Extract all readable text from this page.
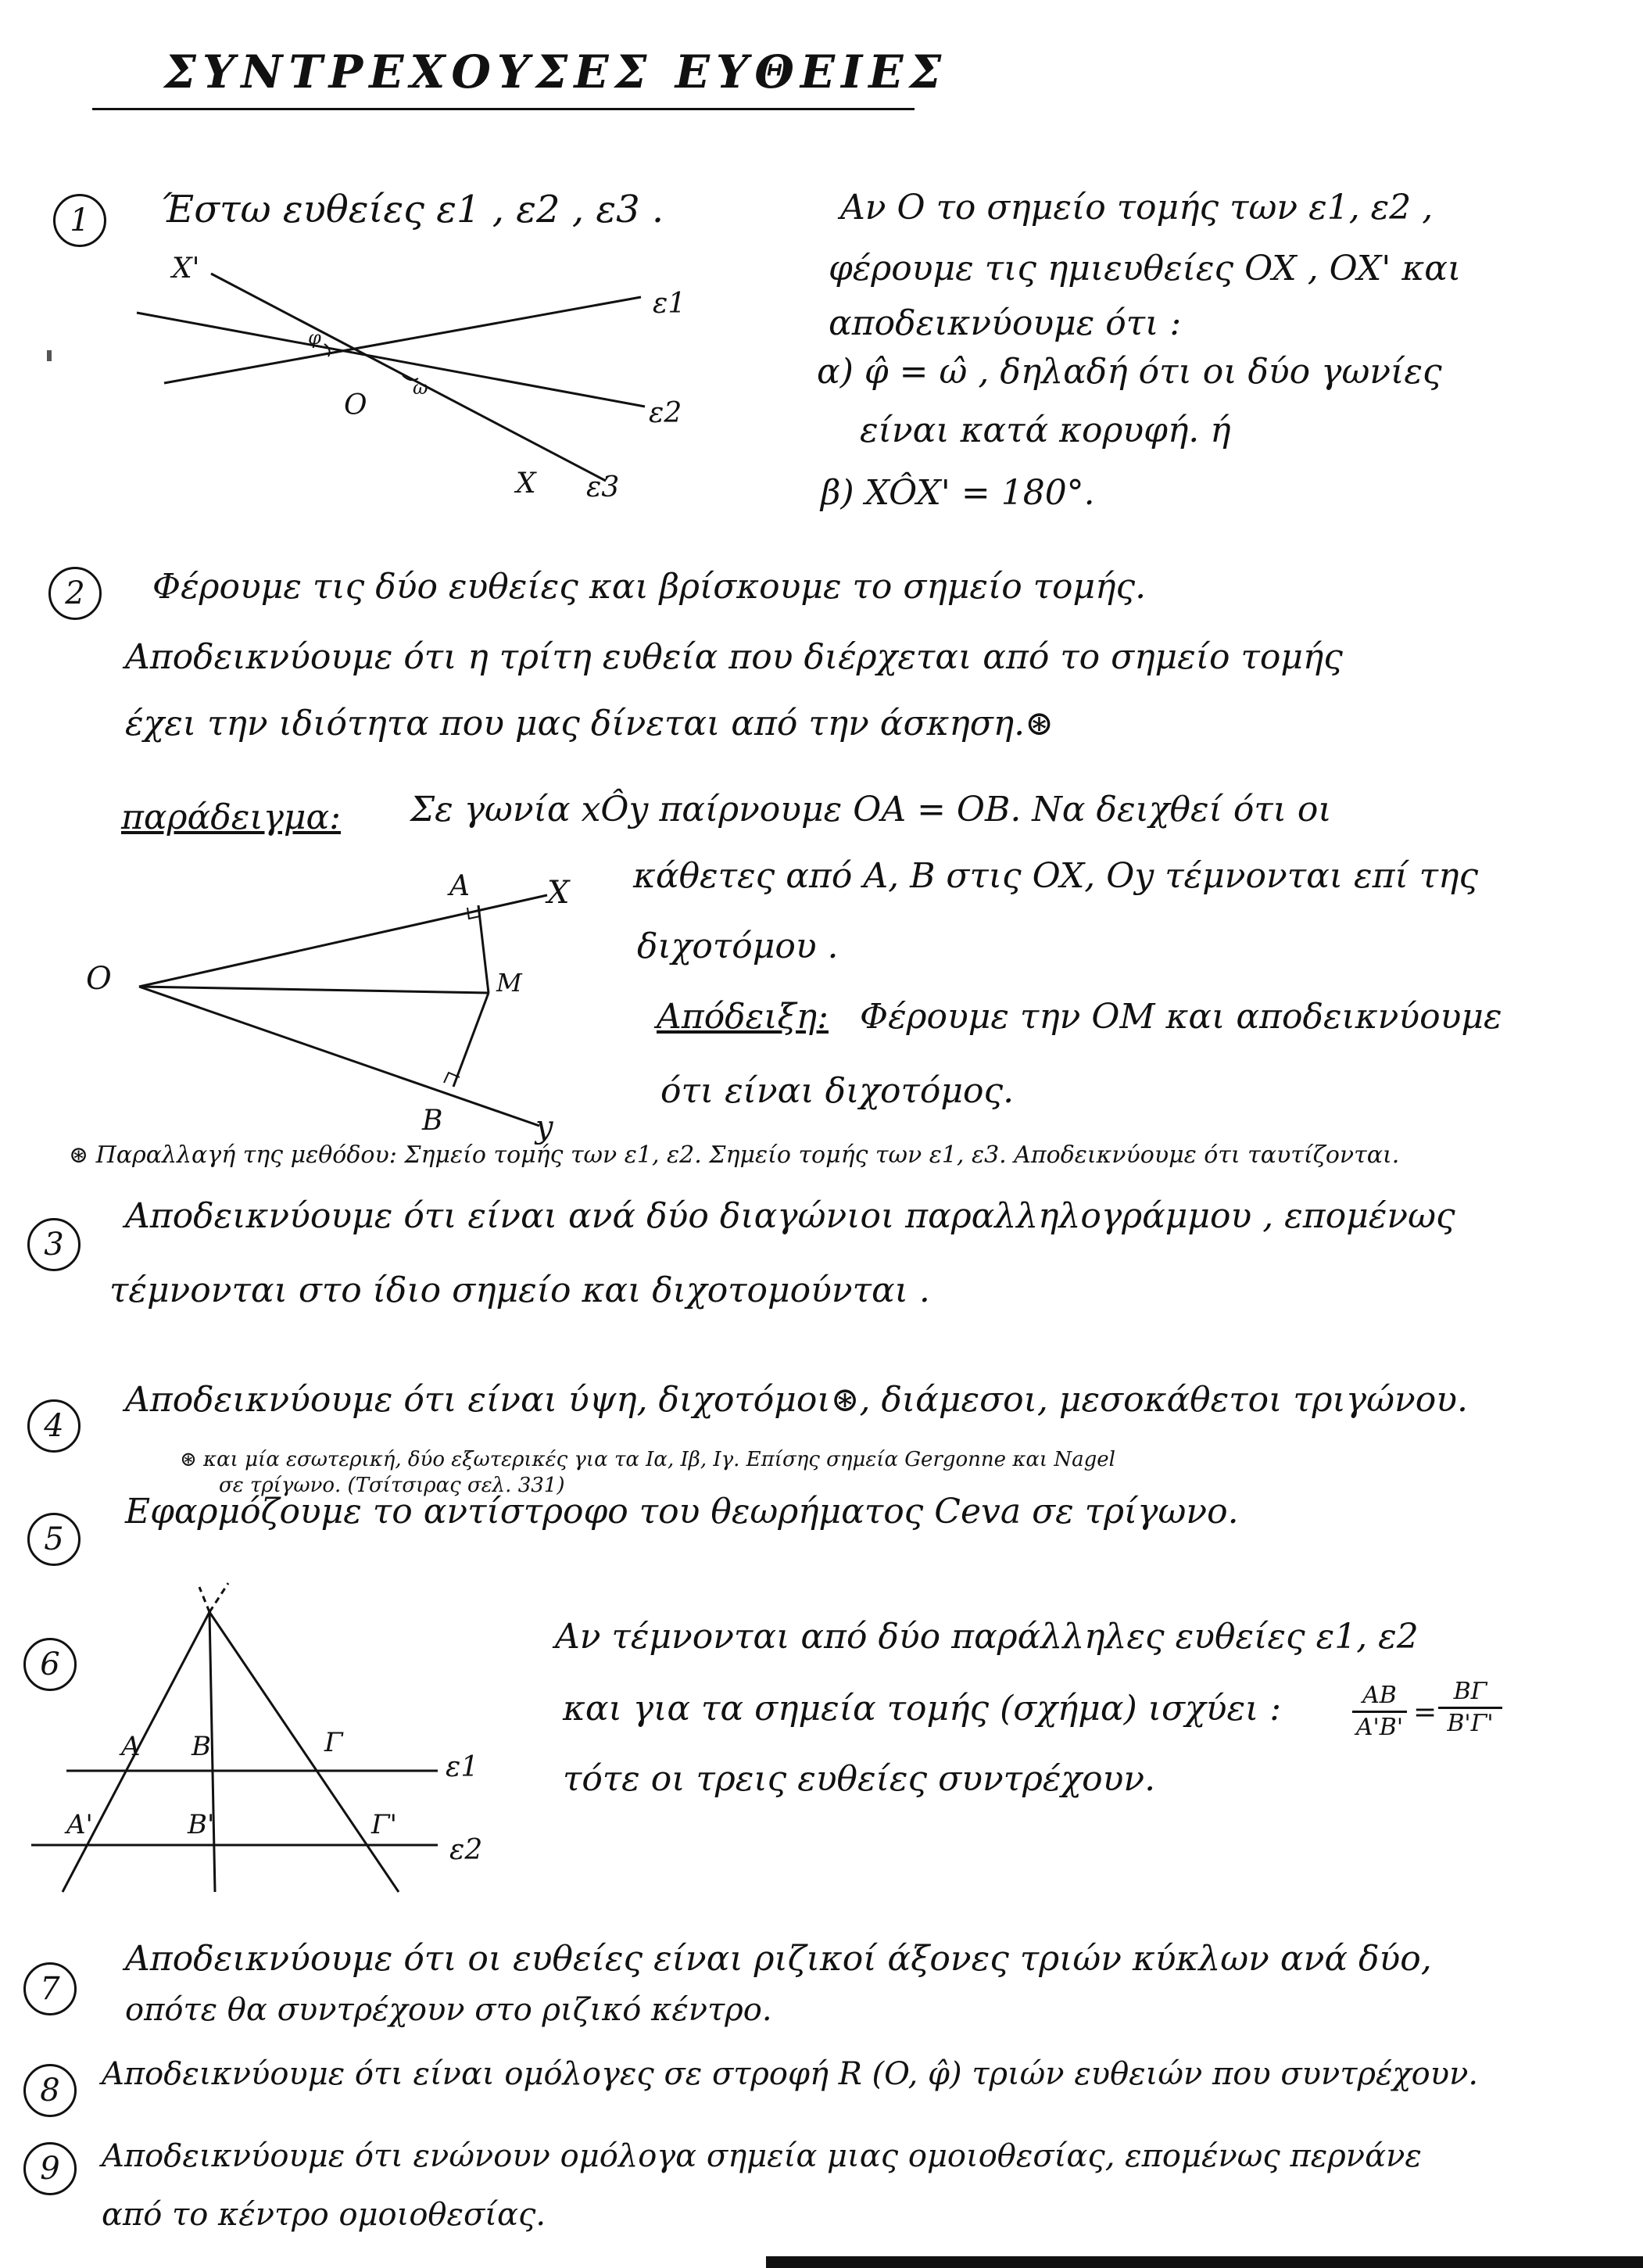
ΣΥΝΤΡΕΧΟΥΣΕΣ ΕΥΘΕΙΕΣ
1	Έστω ευθείες ε1 , ε2 , ε3 .

X'
ε1
φ
ω
O	ε2
X ε3

Αν O το σημείο τομής των ε1, ε2 ,

φέρουμε τις ημιευθείες OX , OX' και

αποδεικνύουμε ότι :

α) φ̂ = ω̂ , δηλαδή ότι οι δύο γωνίες

είναι κατά κορυφή. ή

β) XÔX' = 180°.

2	Φέρουμε τις δύο ευθείες και βρίσκουμε το σημείο τομής.

Αποδεικνύουμε ότι η τρίτη ευθεία που διέρχεται από το σημείο τομής

έχει την ιδιότητα που μας δίνεται από την άσκηση.⊛

παράδειγμα: Σε γωνία xÔy παίρνουμε OA = OB. Να δειχθεί ότι οι

O
A X
M
B	y

κάθετες από A, B στις OX, Oy τέμνονται επί της

διχοτόμου .

Απόδειξη: Φέρουμε την OM και αποδεικνύουμε

ότι είναι διχοτόμος.

⊛ Παραλλαγή της μεθόδου: Σημείο τομής των ε1, ε2. Σημείο τομής των ε1, ε3. Αποδεικνύουμε ότι ταυτίζονται.

3

Αποδεικνύουμε ότι είναι ανά δύο διαγώνιοι παραλληλογράμμου , επομένως

τέμνονται στο ίδιο σημείο και διχοτομούνται .

4

Αποδεικνύουμε ότι είναι ύψη, διχοτόμοι⊛, διάμεσοι, μεσοκάθετοι τριγώνου.

⊛ και μία εσωτερική, δύο εξωτερικές για τα Iα, Iβ, Iγ. Επίσης σημεία Gergonne και Nagel

σε τρίγωνο. (Τσίτσιρας σελ. 331)

5

Εφαρμόζουμε το αντίστροφο του θεωρήματος Ceva σε τρίγωνο.

6
A B	Γ
ε1
A'	B'	Γ'
ε2

Αν τέμνονται από δύο παράλληλες ευθείες ε1, ε2

και για τα σημεία τομής (σχήμα) ισχύει :	$\frac{AB}{A'B'} = \frac{B\Gamma}{B'\Gamma'}$

τότε οι τρεις ευθείες συντρέχουν.

7

Αποδεικνύουμε ότι οι ευθείες είναι ριζικοί άξονες τριών κύκλων ανά δύο,

οπότε θα συντρέχουν στο ριζικό κέντρο.

8	Αποδεικνύουμε ότι είναι ομόλογες σε στροφή R (O, φ̂) τριών ευθειών που συντρέχουν.

9	Αποδεικνύουμε ότι ενώνουν ομόλογα σημεία μιας ομοιοθεσίας, επομένως περνάνε

από το κέντρο ομοιοθεσίας.
